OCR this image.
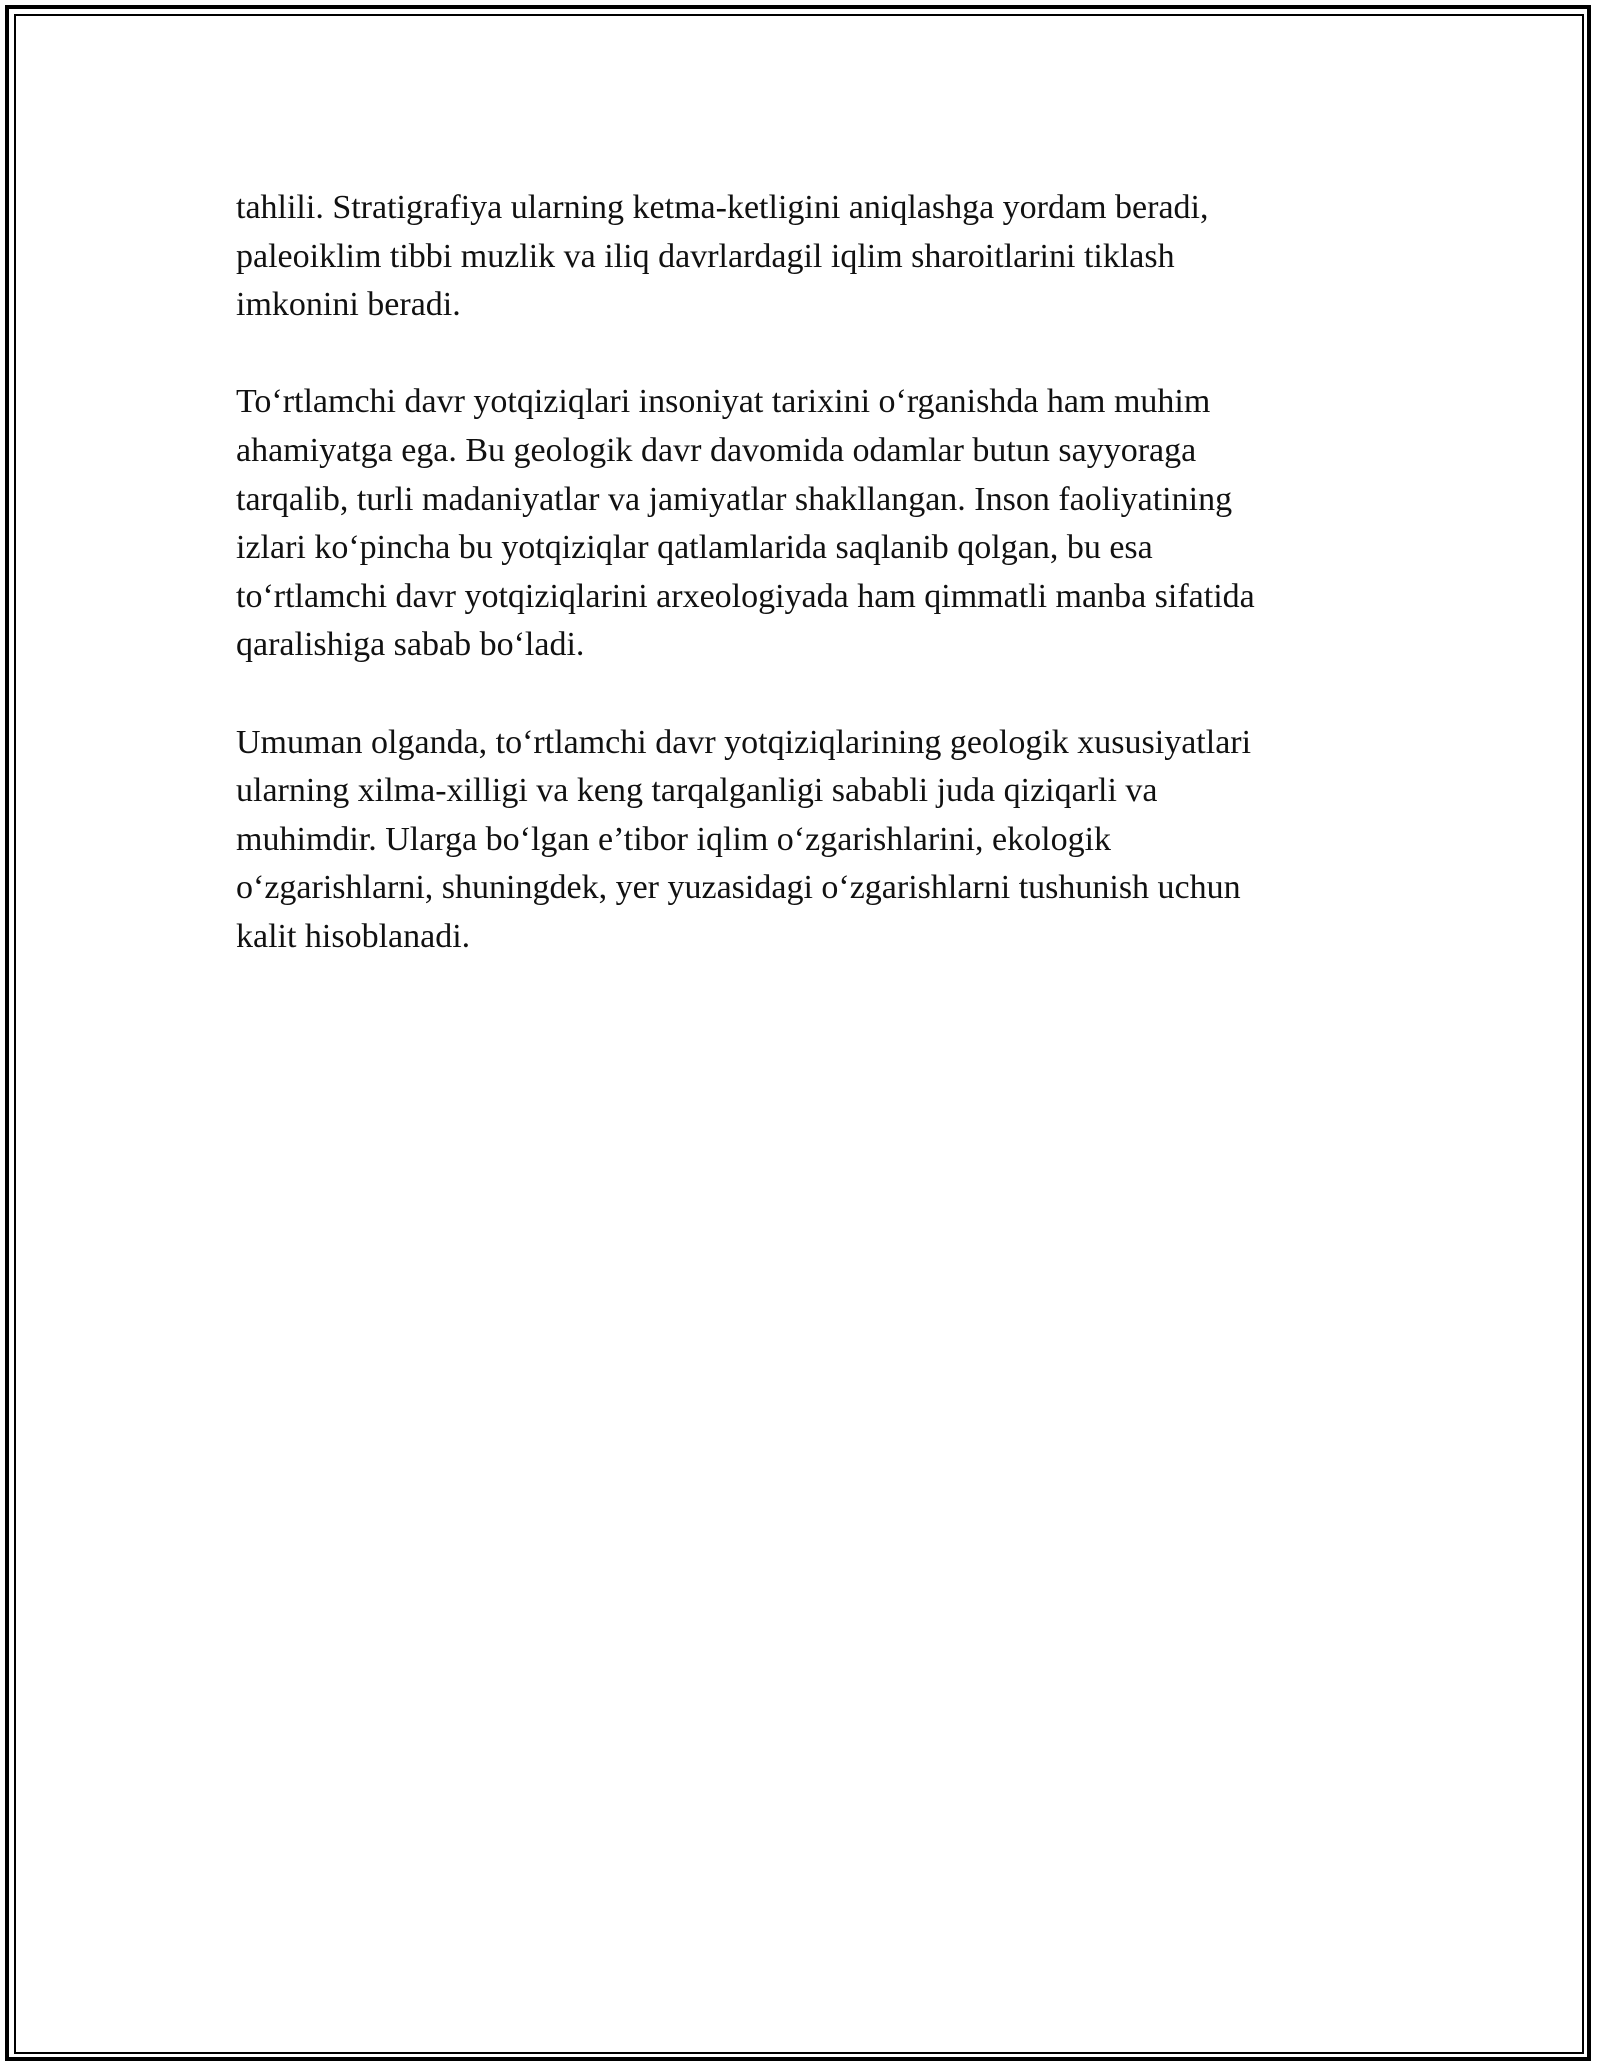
tahlili. Stratigrafiya ularning ketma-ketligini aniqlashga yordam beradi,
paleoiklim tibbi muzlik va iliq davrlardagil iqlim sharoitlarini tiklash
imkonini beradi.

To‘rtlamchi davr yotqiziqlari insoniyat tarixini o‘rganishda ham muhim
ahamiyatga ega. Bu geologik davr davomida odamlar butun sayyoraga
tarqalib, turli madaniyatlar va jamiyatlar shakllangan. Inson faoliyatining
izlari ko‘pincha bu yotqiziqlar qatlamlarida saqlanib qolgan, bu esa
to‘rtlamchi davr yotqiziqlarini arxeologiyada ham qimmatli manba sifatida
qaralishiga sabab bo‘ladi.

Umuman olganda, to‘rtlamchi davr yotqiziqlarining geologik xususiyatlari
ularning xilma-xilligi va keng tarqalganligi sababli juda qiziqarli va
muhimdir. Ularga bo‘lgan e’tibor iqlim o‘zgarishlarini, ekologik
o‘zgarishlarni, shuningdek, yer yuzasidagi o‘zgarishlarni tushunish uchun
kalit hisoblanadi.
